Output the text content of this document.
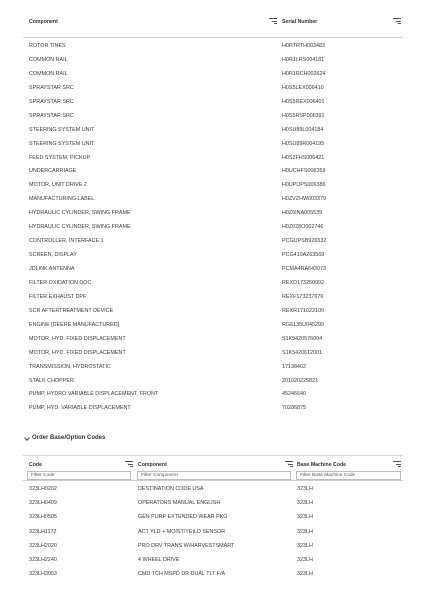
Component	Serial Number
ROTOR TINES	H0RTRTH003483
COMMON RAIL	H0R1LRS004181
COMMON RAIL	H0R1RCH002624
SPRAYSTAR SRC	H0S5LEX006410
SPRAYSTAR SRC	H0S5REX006401
SPRAYSTAR SRC	H0S5RSP006391
STEERING SYSTEM UNIT	H0SU89L004184
STEERING SYSTEM UNIT	H0SU89R004195
FEED SYSTEM, PICKUP	H0S2FHS006421
UNDERCARRIAGE	H0UCHFS006359
MOTOR, UNIT DRIVE 2	H0UPUPS006386
MANUFACTURING LABEL	H0ZVZHW003379
HYDRAULIC CYLINDER, SWING FRAME	H0Z6INA005539
HYDRAULIC CYLINDER, SWING FRAME	H0Z628O002746
CONTROLLER, INTERFACE 1	PCGUPSB926532
SCREEN, DISPLAY	PCG410A263569
JDLINK ANTENNA	PCMA4RA643073
FILTER OXIDATION DOC	REXD173250992
FILTER EXHAUST DPF	REXF173237676
SCR AFTERTREATMENT DEVICE	REXR171022100
ENGINE [DEERE MANUFACTURED]	RG6135U045299
MOTOR, HYD. FIXED DISPLACEMENT	S1K5420576004
MOTOR, HYD. FIXED DISPLACEMENT	S1K5420612001
TRANSMISSION, HYDROSTATIC	17138402
STALK CHOPPER	201020225821
PUMP, HYDRO VARIABLE DISPLACEMENT, FRONT	45246640
PUMP, HYD. VARIABLE DISPLACEMENT	70286875
Order Base/Option Codes
Code	Component	Base Machine Code
Filter Code	Filter Component	Filter Base Machine Code
323LH0202	DESTINATION CODE USA	323LH
323LH0409	OPERATORS MANUAL ENGLISH	323LH
323LH0505	GEN PURP EXTENDED WEAR PKG	323LH
323LH1172	ACT YLD + MOIST/YEILD SENSOR	323LH
323LH2020	PRO DRV TRANS W/HARVESTSMART	323LH
323LH2240	4 WHEEL DRIVE	323LH
323LH3063	CMD TCH MSPD DR DUAL TLT F/A	323LH
